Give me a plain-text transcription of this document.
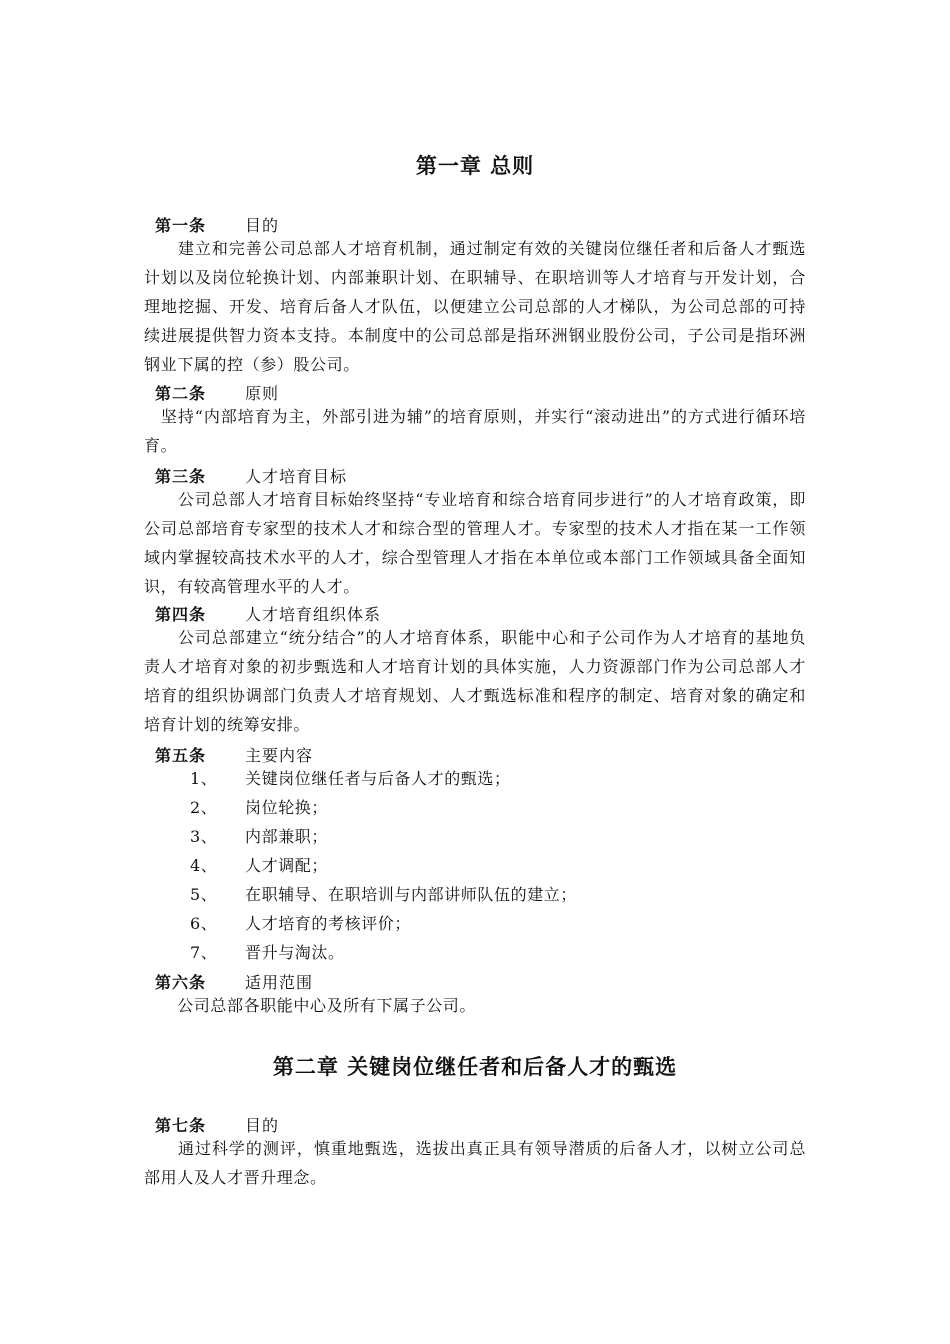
第一章 总则
第一条 目的
　　建立和完善公司总部人才培育机制，通过制定有效的关键岗位继任者和后备人才甄选计划以及岗位轮换计划、内部兼职计划、在职辅导、在职培训等人才培育与开发计划，合理地挖掘、开发、培育后备人才队伍，以便建立公司总部的人才梯队，为公司总部的可持续进展提供智力资本支持。本制度中的公司总部是指环洲钢业股份公司，子公司是指环洲钢业下属的控（参）股公司。
第二条 原则
　坚持“内部培育为主，外部引进为辅”的培育原则，并实行“滚动进出”的方式进行循环培育。
第三条 人才培育目标
　　公司总部人才培育目标始终坚持“专业培育和综合培育同步进行”的人才培育政策，即公司总部培育专家型的技术人才和综合型的管理人才。专家型的技术人才指在某一工作领域内掌握较高技术水平的人才，综合型管理人才指在本单位或本部门工作领域具备全面知识，有较高管理水平的人才。
第四条 人才培育组织体系
　　公司总部建立“统分结合”的人才培育体系，职能中心和子公司作为人才培育的基地负责人才培育对象的初步甄选和人才培育计划的具体实施，人力资源部门作为公司总部人才培育的组织协调部门负责人才培育规划、人才甄选标准和程序的制定、培育对象的确定和培育计划的统筹安排。
第五条 主要内容
1、 关键岗位继任者与后备人才的甄选；
2、 岗位轮换；
3、 内部兼职；
4、 人才调配；
5、 在职辅导、在职培训与内部讲师队伍的建立；
6、 人才培育的考核评价；
7、 晋升与淘汰。
第六条 适用范围
　　公司总部各职能中心及所有下属子公司。
第二章 关键岗位继任者和后备人才的甄选
第七条 目的
　　通过科学的测评，慎重地甄选，选拔出真正具有领导潜质的后备人才，以树立公司总部用人及人才晋升理念。
